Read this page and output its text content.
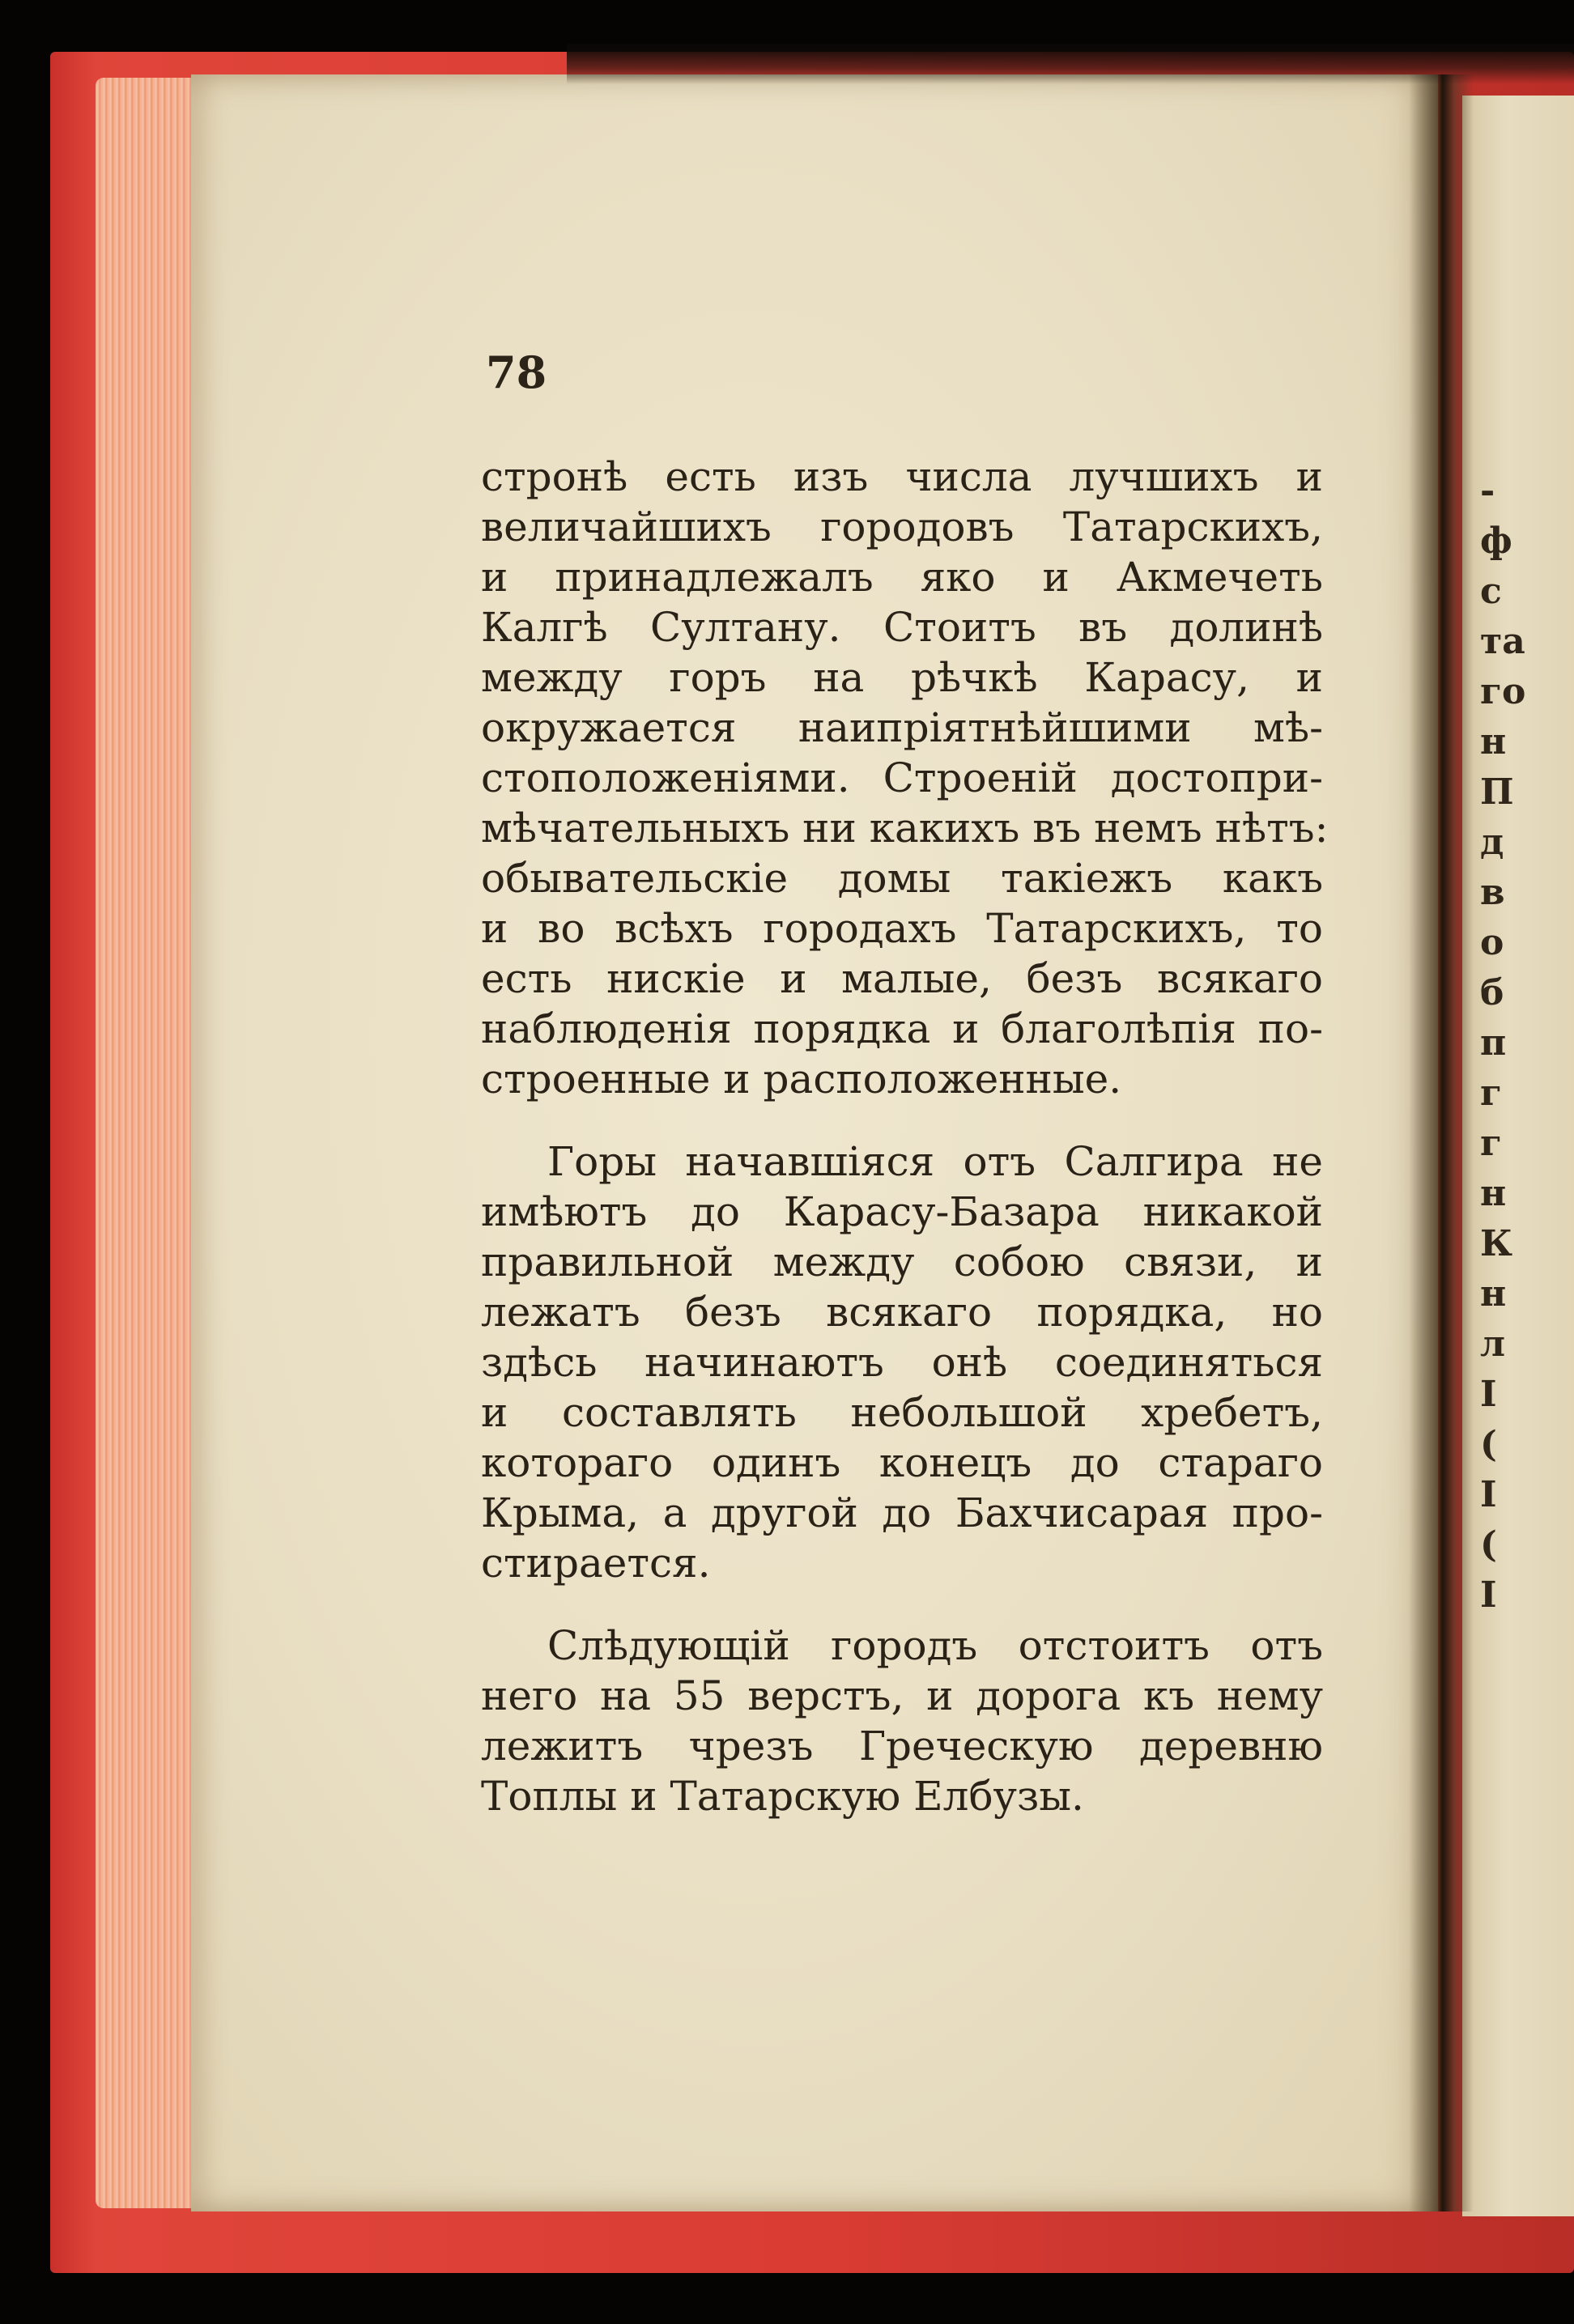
78
стронѣ есть изъ числа лучшихъ и
величайшихъ городовъ Татарскихъ,
и принадлежалъ яко и Акмечеть
Калгѣ Султану. Стоитъ въ долинѣ
между горъ на рѣчкѣ Карасу, и
окружается наипріятнѣйшими мѣ-
стоположеніями. Строеній достопри-
мѣчательныхъ ни какихъ въ немъ нѣтъ:
обывательскіе домы такіежъ какъ
и во всѣхъ городахъ Татарскихъ, то
есть нискіе и малые, безъ всякаго
наблюденія порядка и благолѣпія по-
строенные и расположенные.
Горы начавшіяся отъ Салгира не
имѣютъ до Карасу-Базара никакой
правильной между собою связи, и
лежатъ безъ всякаго порядка, но
здѣсь начинаютъ онѣ соединяться
и составлять небольшой хребетъ,
котораго одинъ конецъ до стараго
Крыма, а другой до Бахчисарая про-
стирается.
Слѣдующій городъ отстоитъ отъ
него на 55 верстъ, и дорога къ нему
лежитъ чрезъ Греческую деревню
Топлы и Татарскую Елбузы.
-
ф
с
та
го
н
П
д
в
о
б
п
г
г
н
К
н
л
I
(
I
(
I
